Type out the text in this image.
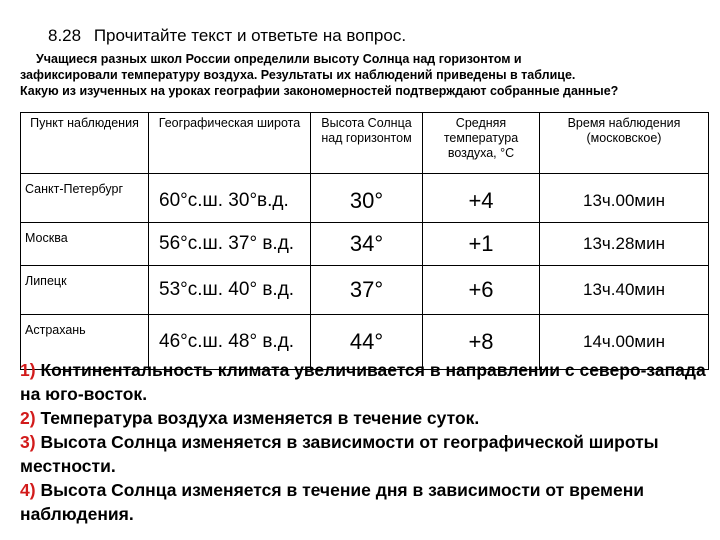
8.28 Прочитайте текст и ответьте на вопрос.
Учащиеся разных школ России определили высоту Солнца над горизонтом и
зафиксировали температуру воздуха. Результаты их наблюдений приведены в таблице.
Какую из изученных на уроках географии закономерностей подтверждают собранные данные?
Пункт наблюдения	Географическая широта	Высота Солнца над горизонтом	Средняя температура воздуха, °С	Время наблюдения (московское)
Санкт-Петербург	60°с.ш. 30°в.д.	30°	+4	13ч.00мин
Москва	56°с.ш. 37° в.д.	34°	+1	13ч.28мин
Липецк	53°с.ш. 40° в.д.	37°	+6	13ч.40мин
Астрахань	46°с.ш. 48° в.д.	44°	+8	14ч.00мин
1) Континентальность климата увеличивается в направлении с северо-запада на юго-восток.
2) Температура воздуха изменяется в течение суток.
3) Высота Солнца изменяется в зависимости от географической широты местности.
4) Высота Солнца изменяется в течение дня в зависимости от времени наблюдения.
